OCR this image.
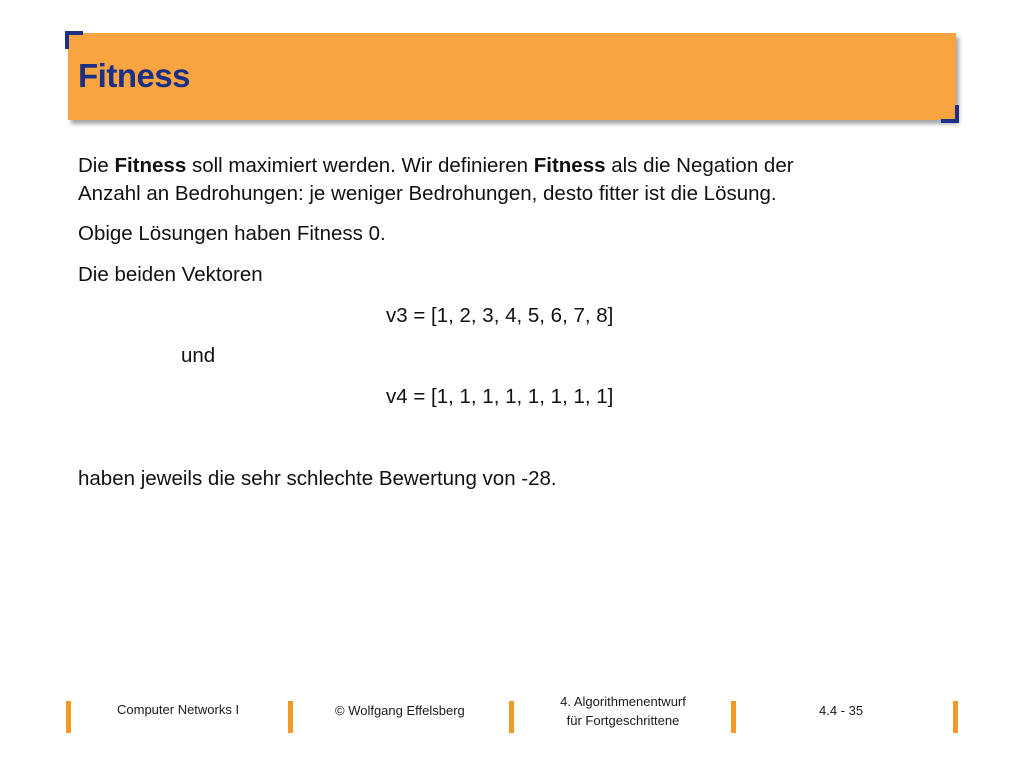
Fitness
Die Fitness soll maximiert werden. Wir definieren Fitness als die Negation der
Anzahl an Bedrohungen: je weniger Bedrohungen, desto fitter ist die Lösung.
Obige Lösungen haben Fitness 0.
Die beiden Vektoren
v3 = [1, 2, 3, 4, 5, 6, 7, 8]
und
v4 = [1, 1, 1, 1, 1, 1, 1, 1]
haben jeweils die sehr schlechte Bewertung von -28.
Computer Networks I	© Wolfgang Effelsberg
4. Algorithmenentwurf
für Fortgeschrittene
4.4 - 35
